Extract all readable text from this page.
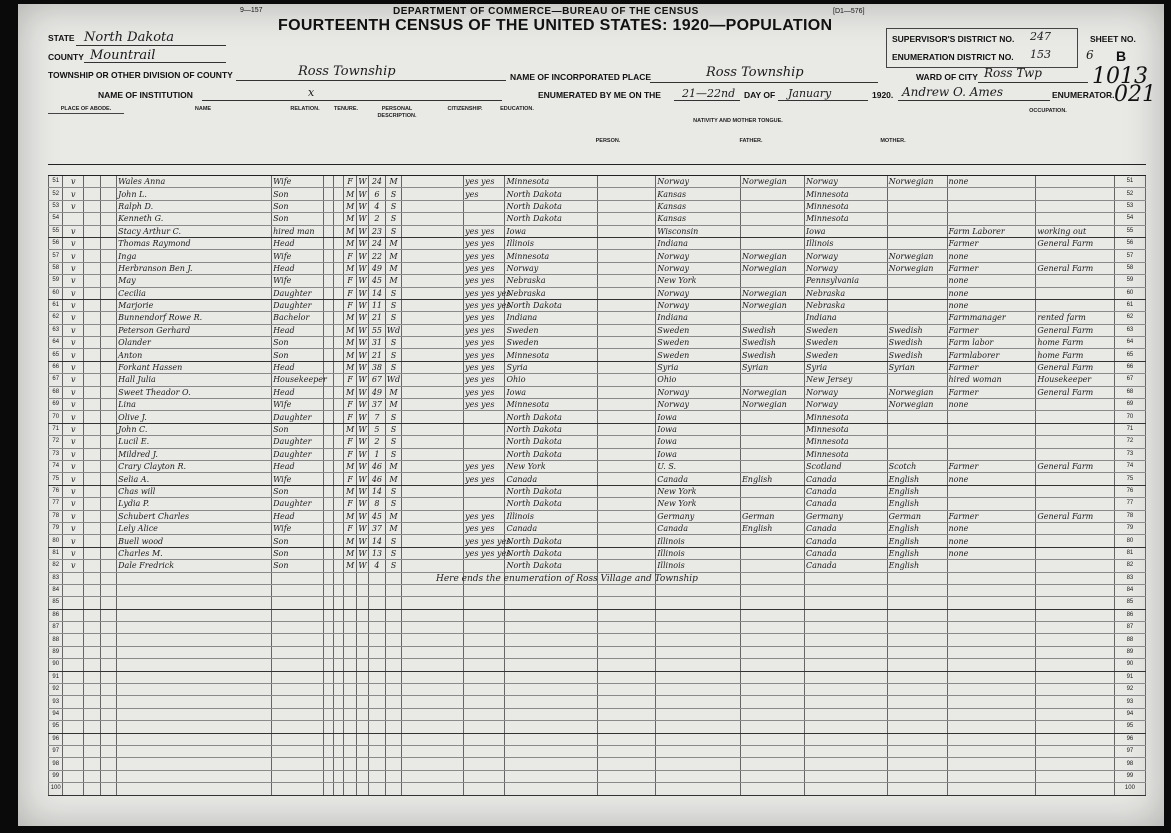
9—157	[D1—576]
DEPARTMENT OF COMMERCE—BUREAU OF THE CENSUS
FOURTEENTH CENSUS OF THE UNITED STATES: 1920—POPULATION
STATE North Dakota
COUNTY Mountrail
TOWNSHIP OR OTHER DIVISION OF COUNTY	Ross Township	NAME OF INCORPORATED PLACE	Ross Township
NAME OF INSTITUTION	x	ENUMERATED BY ME ON THE 21—22nd DAY OF January	1920. Andrew O. Ames	ENUMERATOR.
SUPERVISOR'S DISTRICT NO. 247
ENUMERATION DISTRICT NO. 153
SHEET NO.
6 B
WARD OF CITY Ross Twp 1013
021
PLACE OF ABODE.	NAME	RELATION.	TENURE.	PERSONAL DESCRIPTION.
CITIZENSHIP.	EDUCATION.
NATIVITY AND MOTHER TONGUE.
PERSON.	FATHER.	MOTHER.
OCCUPATION.
51	v			Wales Anna	Wife			F	W	24	M		yes yes	Minnesota		Norway	Norwegian	Norway	Norwegian	none		51
52	v			John L.	Son			M	W	6	S		yes	North Dakota		Kansas		Minnesota				52
53	v			Ralph D.	Son			M	W	4	S			North Dakota		Kansas		Minnesota				53
54				Kenneth G.	Son			M	W	2	S			North Dakota		Kansas		Minnesota				54
55	v			Stacy Arthur C.	hired man			M	W	23	S		yes yes	Iowa		Wisconsin		Iowa		Farm Laborer	working out	55
56	v			Thomas Raymond	Head			M	W	24	M		yes yes	Illinois		Indiana		Illinois		Farmer	General Farm	56
57	v			Inga	Wife			F	W	22	M		yes yes	Minnesota		Norway	Norwegian	Norway	Norwegian	none		57
58	v			Herbranson Ben J.	Head			M	W	49	M		yes yes	Norway		Norway	Norwegian	Norway	Norwegian	Farmer	General Farm	58
59	v			May	Wife			F	W	45	M		yes yes	Nebraska		New York		Pennsylvania		none		59
60	v			Cecilia	Daughter			F	W	14	S		yes yes yes	Nebraska		Norway	Norwegian	Nebraska		none		60
61	v			Marjorie	Daughter			F	W	11	S		yes yes yes	North Dakota		Norway	Norwegian	Nebraska		none		61
62	v			Bunnendorf Rowe R.	Bachelor			M	W	21	S		yes yes	Indiana		Indiana		Indiana		Farmmanager	rented farm	62
63	v			Peterson Gerhard	Head			M	W	55	Wd		yes yes	Sweden		Sweden	Swedish	Sweden	Swedish	Farmer	General Farm	63
64	v			Olander	Son			M	W	31	S		yes yes	Sweden		Sweden	Swedish	Sweden	Swedish	Farm labor	home Farm	64
65	v			Anton	Son			M	W	21	S		yes yes	Minnesota		Sweden	Swedish	Sweden	Swedish	Farmlaborer	home Farm	65
66	v			Forkant Hassen	Head			M	W	38	S		yes yes	Syria		Syria	Syrian	Syria	Syrian	Farmer	General Farm	66
67	v			Hall Julia	Housekeeper			F	W	67	Wd		yes yes	Ohio		Ohio		New Jersey		hired woman	Housekeeper	67
68	v			Sweet Theador O.	Head			M	W	49	M		yes yes	Iowa		Norway	Norwegian	Norway	Norwegian	Farmer	General Farm	68
69	v			Lina	Wife			F	W	37	M		yes yes	Minnesota		Norway	Norwegian	Norway	Norwegian	none		69
70	v			Olive J.	Daughter			F	W	7	S			North Dakota		Iowa		Minnesota				70
71	v			John C.	Son			M	W	5	S			North Dakota		Iowa		Minnesota				71
72	v			Lucil E.	Daughter			F	W	2	S			North Dakota		Iowa		Minnesota				72
73	v			Mildred J.	Daughter			F	W	1	S			North Dakota		Iowa		Minnesota				73
74	v			Crary Clayton R.	Head			M	W	46	M		yes yes	New York		U. S.		Scotland	Scotch	Farmer	General Farm	74
75	v			Selia A.	Wife			F	W	46	M		yes yes	Canada		Canada	English	Canada	English	none		75
76	v			Chas will	Son			M	W	14	S			North Dakota		New York		Canada	English			76
77	v			Lydia P.	Daughter			F	W	8	S			North Dakota		New York		Canada	English			77
78	v			Schubert Charles	Head			M	W	45	M		yes yes	Illinois		Germany	German	Germany	German	Farmer	General Farm	78
79	v			Lely Alice	Wife			F	W	37	M		yes yes	Canada		Canada	English	Canada	English	none		79
80	v			Buell wood	Son			M	W	14	S		yes yes yes	North Dakota		Illinois		Canada	English	none		80
81	v			Charles M.	Son			M	W	13	S		yes yes yes	North Dakota		Illinois		Canada	English	none		81
82	v			Dale Fredrick	Son			M	W	4	S			North Dakota		Illinois		Canada	English			82
83																						83
84																						84
85																						85
86																						86
87																						87
88																						88
89																						89
90																						90
91																						91
92																						92
93																						93
94																						94
95																						95
96																						96
97																						97
98																						98
99																						99
100																						100
Here ends the enumeration of Ross Village and Township
